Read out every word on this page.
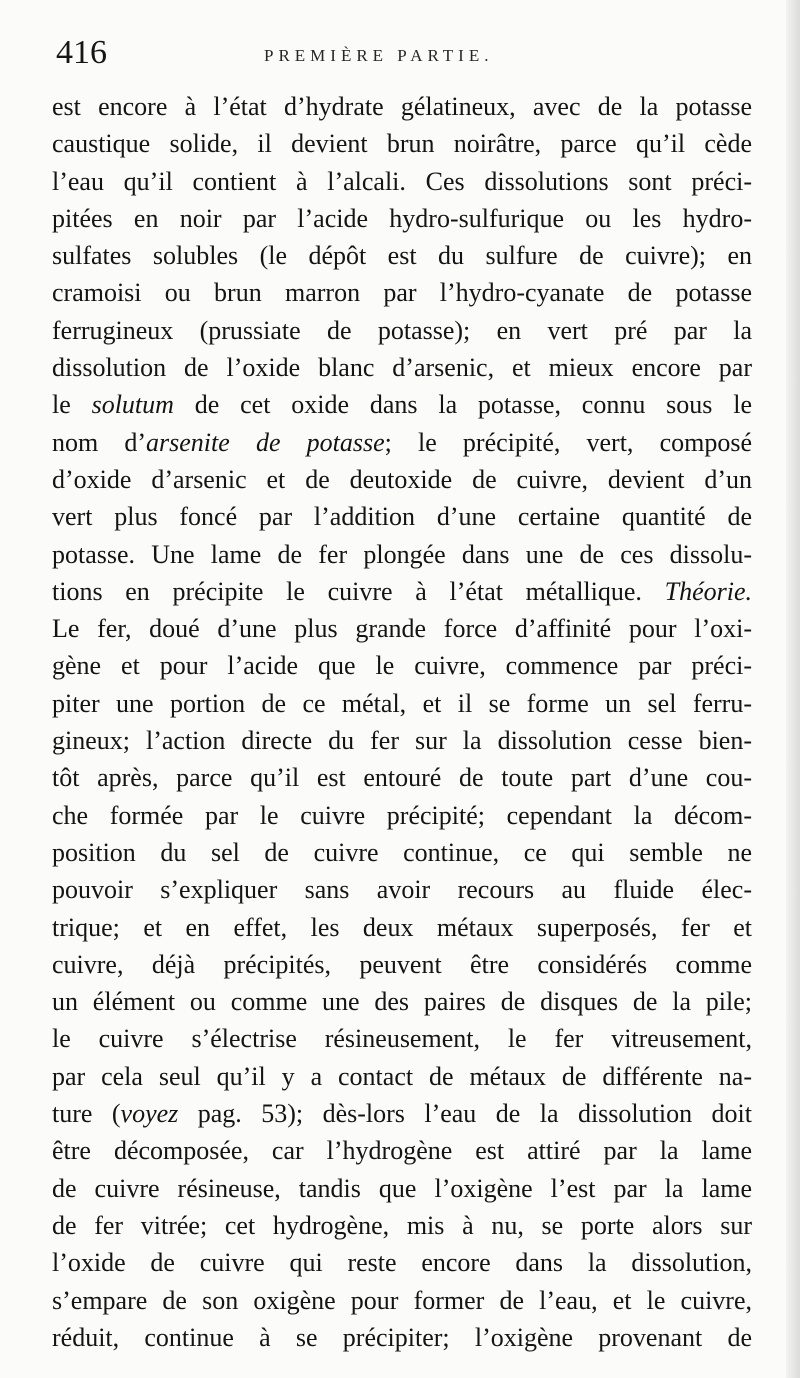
416	PREMIÈRE PARTIE.
est encore à l’état d’hydrate gélatineux, avec de la potasse
caustique solide, il devient brun noirâtre, parce qu’il cède
l’eau qu’il contient à l’alcali. Ces dissolutions sont préci-
pitées en noir par l’acide hydro-sulfurique ou les hydro-
sulfates solubles (le dépôt est du sulfure de cuivre); en
cramoisi ou brun marron par l’hydro-cyanate de potasse
ferrugineux (prussiate de potasse); en vert pré par la
dissolution de l’oxide blanc d’arsenic, et mieux encore par
le solutum de cet oxide dans la potasse, connu sous le
nom d’arsenite de potasse; le précipité, vert, composé
d’oxide d’arsenic et de deutoxide de cuivre, devient d’un
vert plus foncé par l’addition d’une certaine quantité de
potasse. Une lame de fer plongée dans une de ces dissolu-
tions en précipite le cuivre à l’état métallique. Théorie.
Le fer, doué d’une plus grande force d’affinité pour l’oxi-
gène et pour l’acide que le cuivre, commence par préci-
piter une portion de ce métal, et il se forme un sel ferru-
gineux; l’action directe du fer sur la dissolution cesse bien-
tôt après, parce qu’il est entouré de toute part d’une cou-
che formée par le cuivre précipité; cependant la décom-
position du sel de cuivre continue, ce qui semble ne
pouvoir s’expliquer sans avoir recours au fluide élec-
trique; et en effet, les deux métaux superposés, fer et
cuivre, déjà précipités, peuvent être considérés comme
un élément ou comme une des paires de disques de la pile;
le cuivre s’électrise résineusement, le fer vitreusement,
par cela seul qu’il y a contact de métaux de différente na-
ture (voyez pag. 53); dès-lors l’eau de la dissolution doit
être décomposée, car l’hydrogène est attiré par la lame
de cuivre résineuse, tandis que l’oxigène l’est par la lame
de fer vitrée; cet hydrogène, mis à nu, se porte alors sur
l’oxide de cuivre qui reste encore dans la dissolution,
s’empare de son oxigène pour former de l’eau, et le cuivre,
réduit, continue à se précipiter; l’oxigène provenant de
